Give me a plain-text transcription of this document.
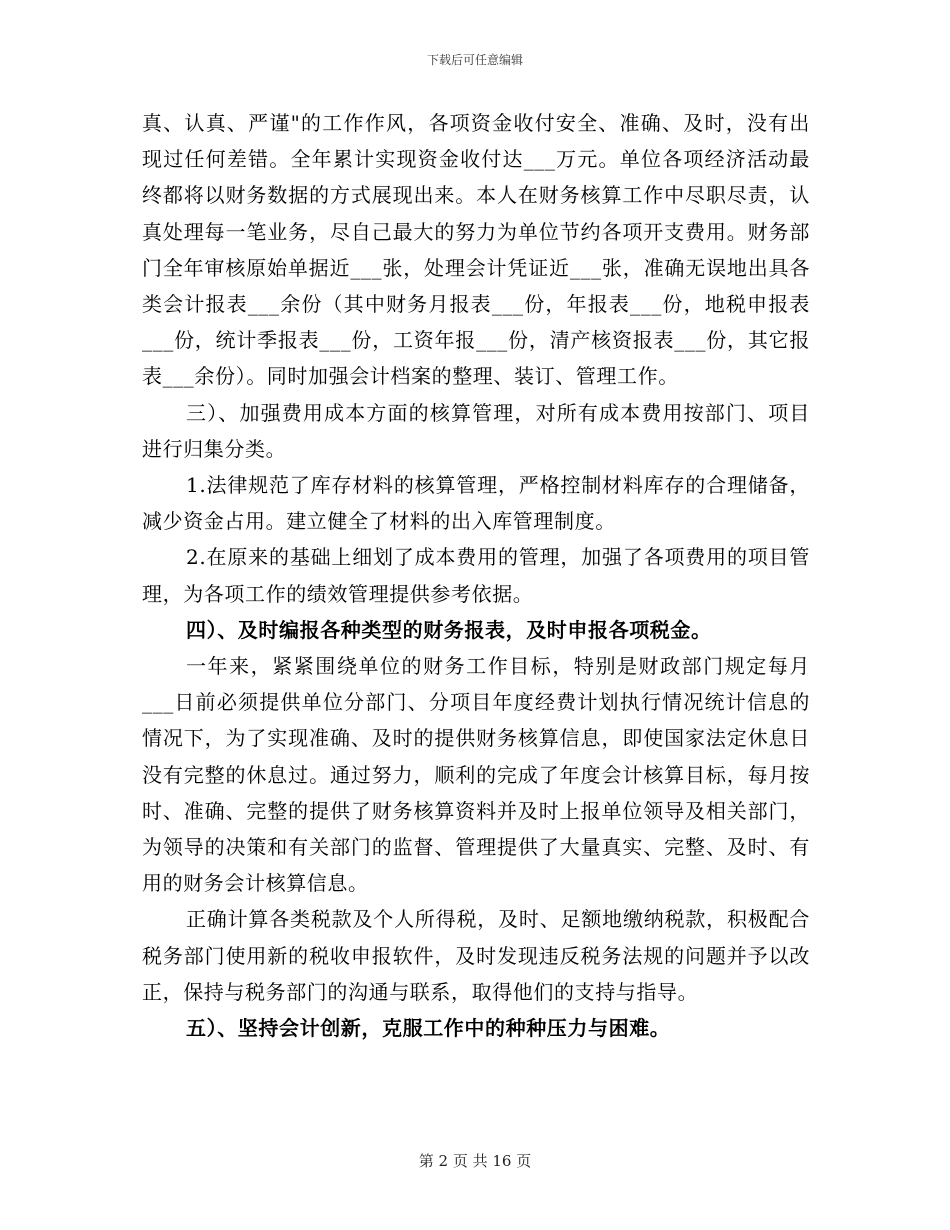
下载后可任意编辑

真、认真、严谨"的工作作风，各项资金收付安全、准确、及时，没有出现过任何差错。全年累计实现资金收付达___万元。单位各项经济活动最终都将以财务数据的方式展现出来。本人在财务核算工作中尽职尽责，认真处理每一笔业务，尽自己最大的努力为单位节约各项开支费用。财务部门全年审核原始单据近___张，处理会计凭证近___张，准确无误地出具各类会计报表___余份（其中财务月报表___份，年报表___份，地税申报表___份，统计季报表___份，工资年报___份，清产核资报表___份，其它报表___余份）。同时加强会计档案的整理、装订、管理工作。

三）、加强费用成本方面的核算管理，对所有成本费用按部门、项目进行归集分类。

1.法律规范了库存材料的核算管理，严格控制材料库存的合理储备，减少资金占用。建立健全了材料的出入库管理制度。

2.在原来的基础上细划了成本费用的管理，加强了各项费用的项目管理，为各项工作的绩效管理提供参考依据。

四）、及时编报各种类型的财务报表，及时申报各项税金。

一年来，紧紧围绕单位的财务工作目标，特别是财政部门规定每月___日前必须提供单位分部门、分项目年度经费计划执行情况统计信息的情况下，为了实现准确、及时的提供财务核算信息，即使国家法定休息日没有完整的休息过。通过努力，顺利的完成了年度会计核算目标，每月按时、准确、完整的提供了财务核算资料并及时上报单位领导及相关部门，为领导的决策和有关部门的监督、管理提供了大量真实、完整、及时、有用的财务会计核算信息。

正确计算各类税款及个人所得税，及时、足额地缴纳税款，积极配合税务部门使用新的税收申报软件，及时发现违反税务法规的问题并予以改正，保持与税务部门的沟通与联系，取得他们的支持与指导。

五）、坚持会计创新，克服工作中的种种压力与困难。

第 2 页 共 16 页
